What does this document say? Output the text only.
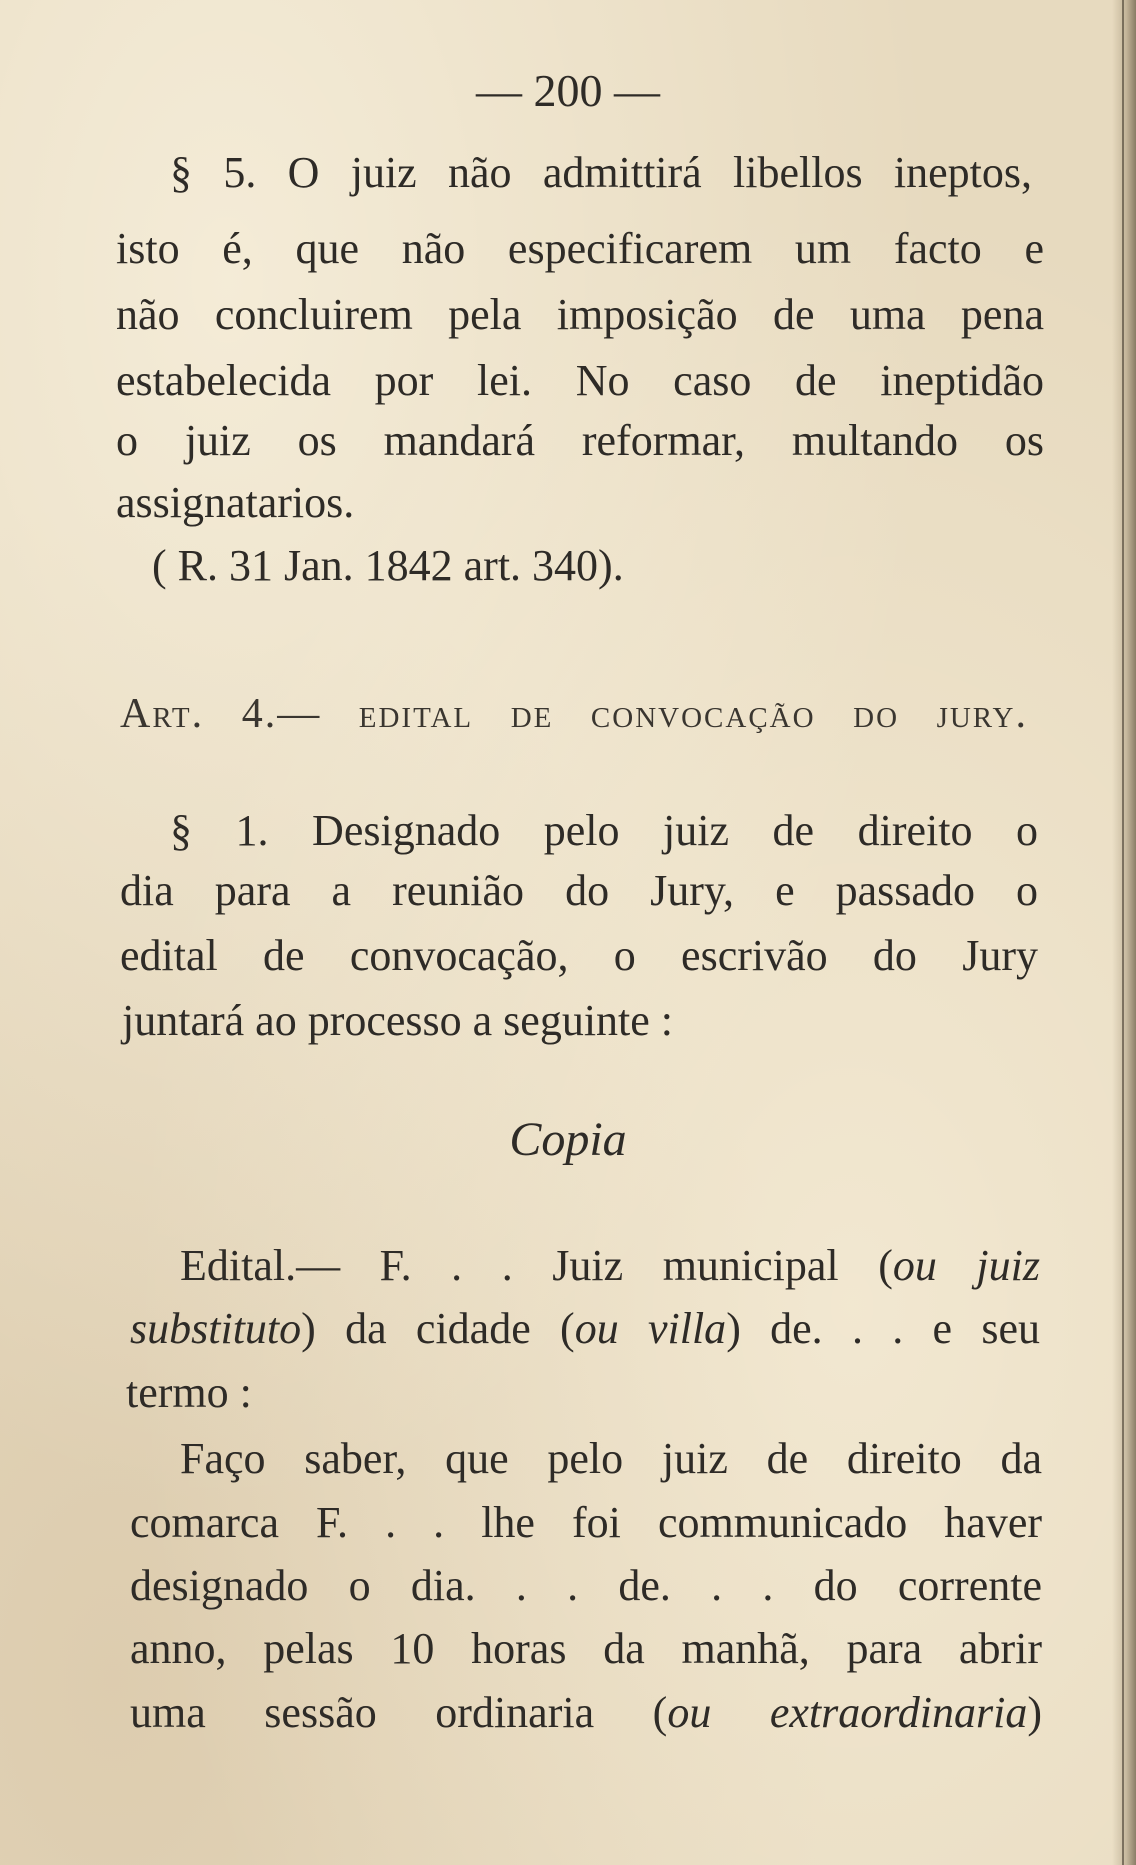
— 200 —
§ 5. O juiz não admittirá libellos ineptos,
isto é, que não especificarem um facto e
não concluirem pela imposição de uma pena
estabelecida por lei. No caso de ineptidão
o juiz os mandará reformar, multando os
assignatarios.
( R. 31 Jan. 1842 art. 340).
Art. 4.— edital de convocação do jury.
§ 1. Designado pelo juiz de direito o
dia para a reunião do Jury, e passado o
edital de convocação, o escrivão do Jury
juntará ao processo a seguinte :
Copia
Edital.— F. . . Juiz municipal (ou juiz
substituto) da cidade (ou villa) de. . . e seu
termo :
Faço saber, que pelo juiz de direito da
comarca F. . . lhe foi communicado haver
designado o dia. . . de. . . do corrente
anno, pelas 10 horas da manhã, para abrir
uma sessão ordinaria (ou extraordinaria)
